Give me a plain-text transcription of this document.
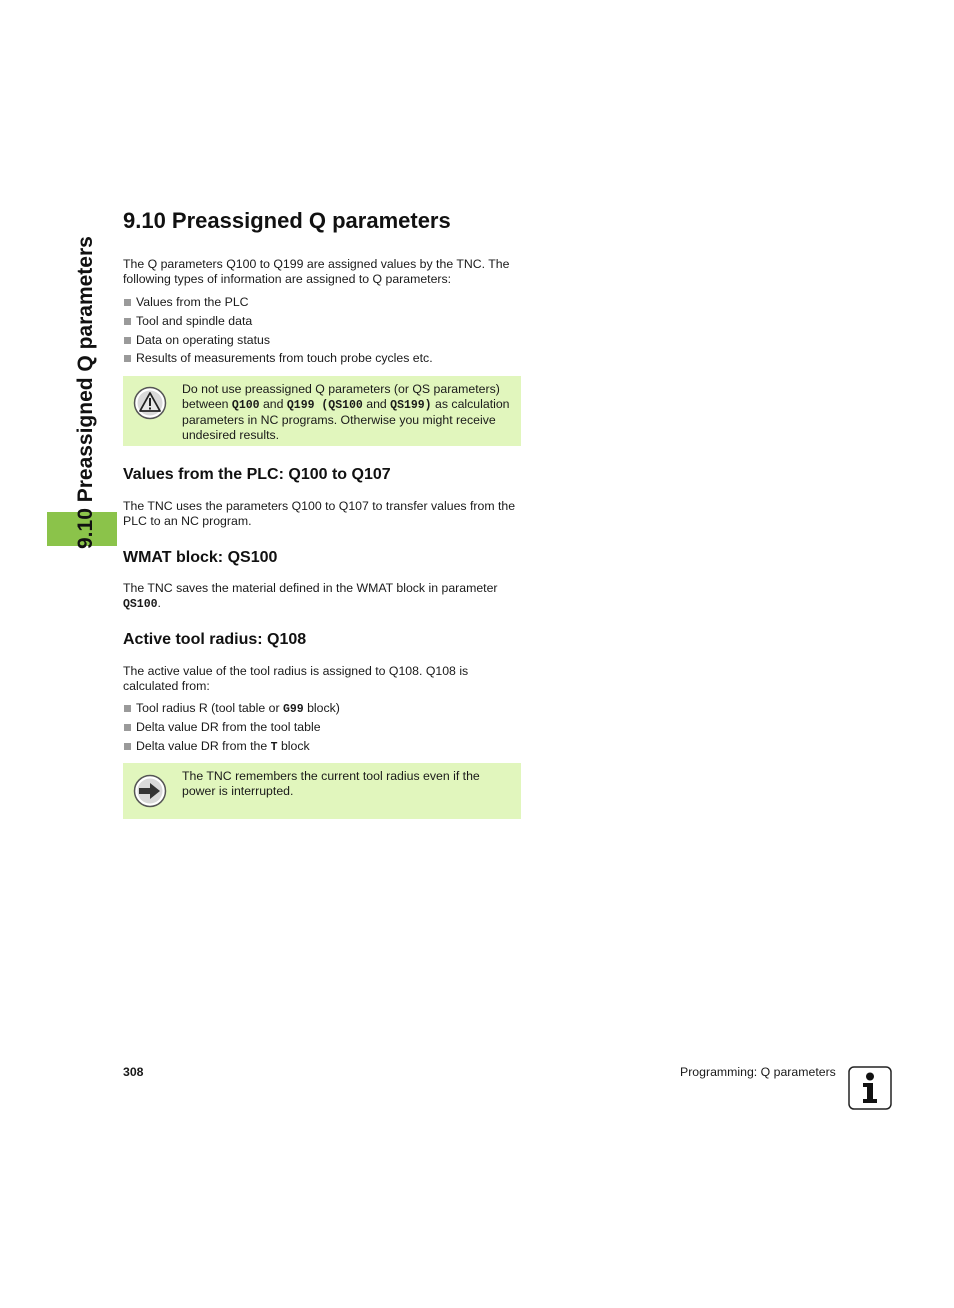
9.10 Preassigned Q parameters
9.10 Preassigned Q parameters

The Q parameters Q100 to Q199 are assigned values by the TNC. The following types of information are assigned to Q parameters:

Values from the PLC
Tool and spindle data
Data on operating status
Results of measurements from touch probe cycles etc.

Do not use preassigned Q parameters (or QS parameters) between Q100 and Q199 (QS100 and QS199) as calculation parameters in NC programs. Otherwise you might receive undesired results.

Values from the PLC: Q100 to Q107

The TNC uses the parameters Q100 to Q107 to transfer values from the PLC to an NC program.

WMAT block: QS100

The TNC saves the material defined in the WMAT block in parameter QS100.

Active tool radius: Q108

The active value of the tool radius is assigned to Q108. Q108 is calculated from:

Tool radius R (tool table or G99 block)
Delta value DR from the tool table
Delta value DR from the T block

The TNC remembers the current tool radius even if the power is interrupted.

308	Programming: Q parameters
